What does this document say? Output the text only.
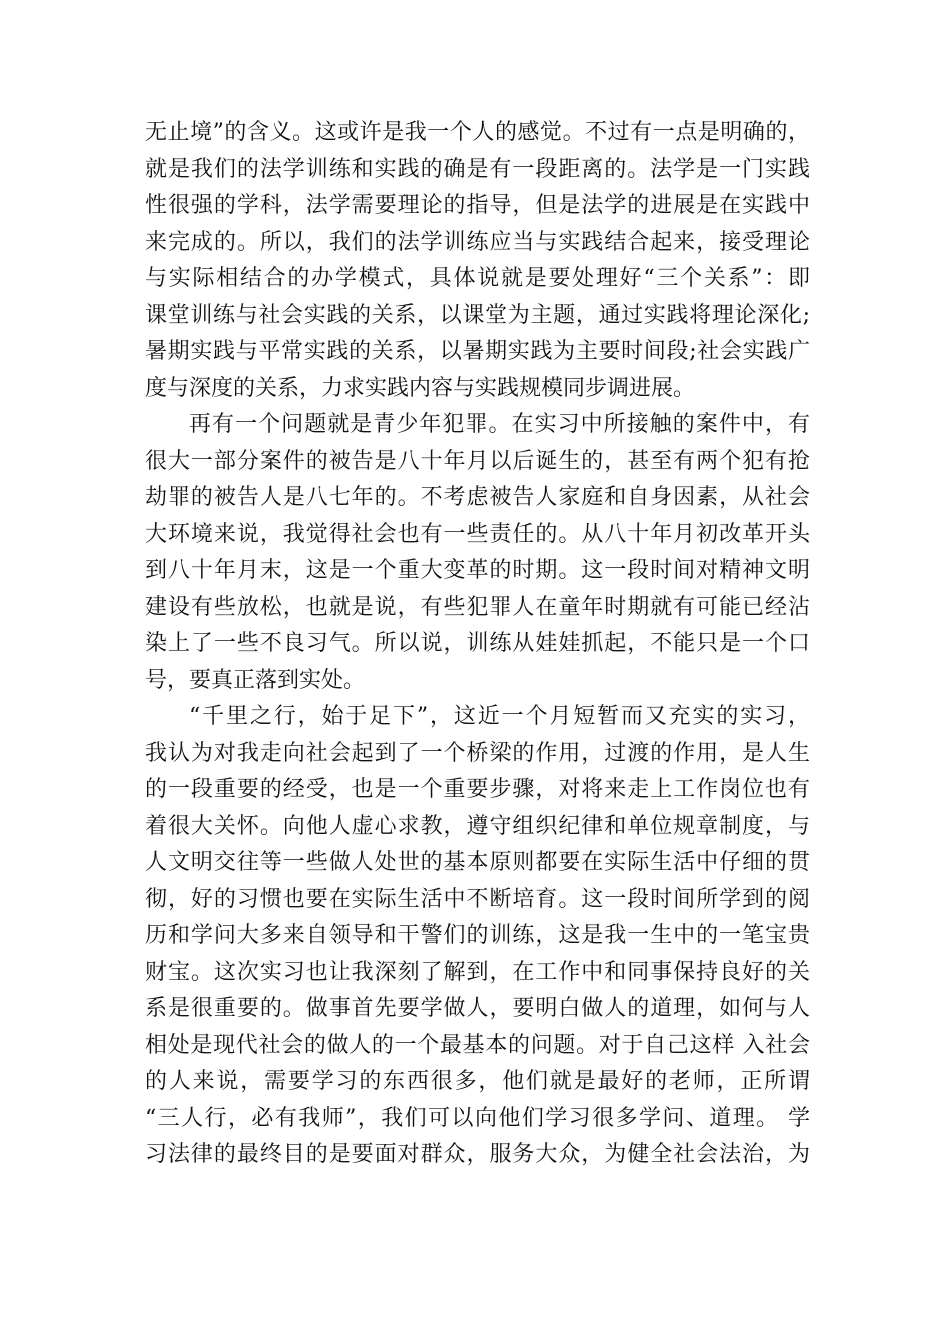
无止境”的含义。这或许是我一个人的感觉。不过有一点是明确的，
就是我们的法学训练和实践的确是有一段距离的。法学是一门实践
性很强的学科，法学需要理论的指导，但是法学的进展是在实践中
来完成的。所以，我们的法学训练应当与实践结合起来，接受理论
与实际相结合的办学模式，具体说就是要处理好“三个关系”：即
课堂训练与社会实践的关系，以课堂为主题，通过实践将理论深化;
暑期实践与平常实践的关系，以暑期实践为主要时间段;社会实践广
度与深度的关系，力求实践内容与实践规模同步调进展。
再有一个问题就是青少年犯罪。在实习中所接触的案件中，有
很大一部分案件的被告是八十年月以后诞生的，甚至有两个犯有抢
劫罪的被告人是八七年的。不考虑被告人家庭和自身因素，从社会
大环境来说，我觉得社会也有一些责任的。从八十年月初改革开头
到八十年月末，这是一个重大变革的时期。这一段时间对精神文明
建设有些放松，也就是说，有些犯罪人在童年时期就有可能已经沾
染上了一些不良习气。所以说，训练从娃娃抓起，不能只是一个口
号，要真正落到实处。
“千里之行，始于足下”，这近一个月短暂而又充实的实习，
我认为对我走向社会起到了一个桥梁的作用，过渡的作用，是人生
的一段重要的经受，也是一个重要步骤，对将来走上工作岗位也有
着很大关怀。向他人虚心求教，遵守组织纪律和单位规章制度，与
人文明交往等一些做人处世的基本原则都要在实际生活中仔细的贯
彻，好的习惯也要在实际生活中不断培育。这一段时间所学到的阅
历和学问大多来自领导和干警们的训练，这是我一生中的一笔宝贵
财宝。这次实习也让我深刻了解到，在工作中和同事保持良好的关
系是很重要的。做事首先要学做人，要明白做人的道理，如何与人
相处是现代社会的做人的一个最基本的问题。对于自己这样 入社会
的人来说，需要学习的东西很多，他们就是最好的老师，正所谓
“三人行，必有我师”，我们可以向他们学习很多学问、道理。 学
习法律的最终目的是要面对群众，服务大众，为健全社会法治，为
